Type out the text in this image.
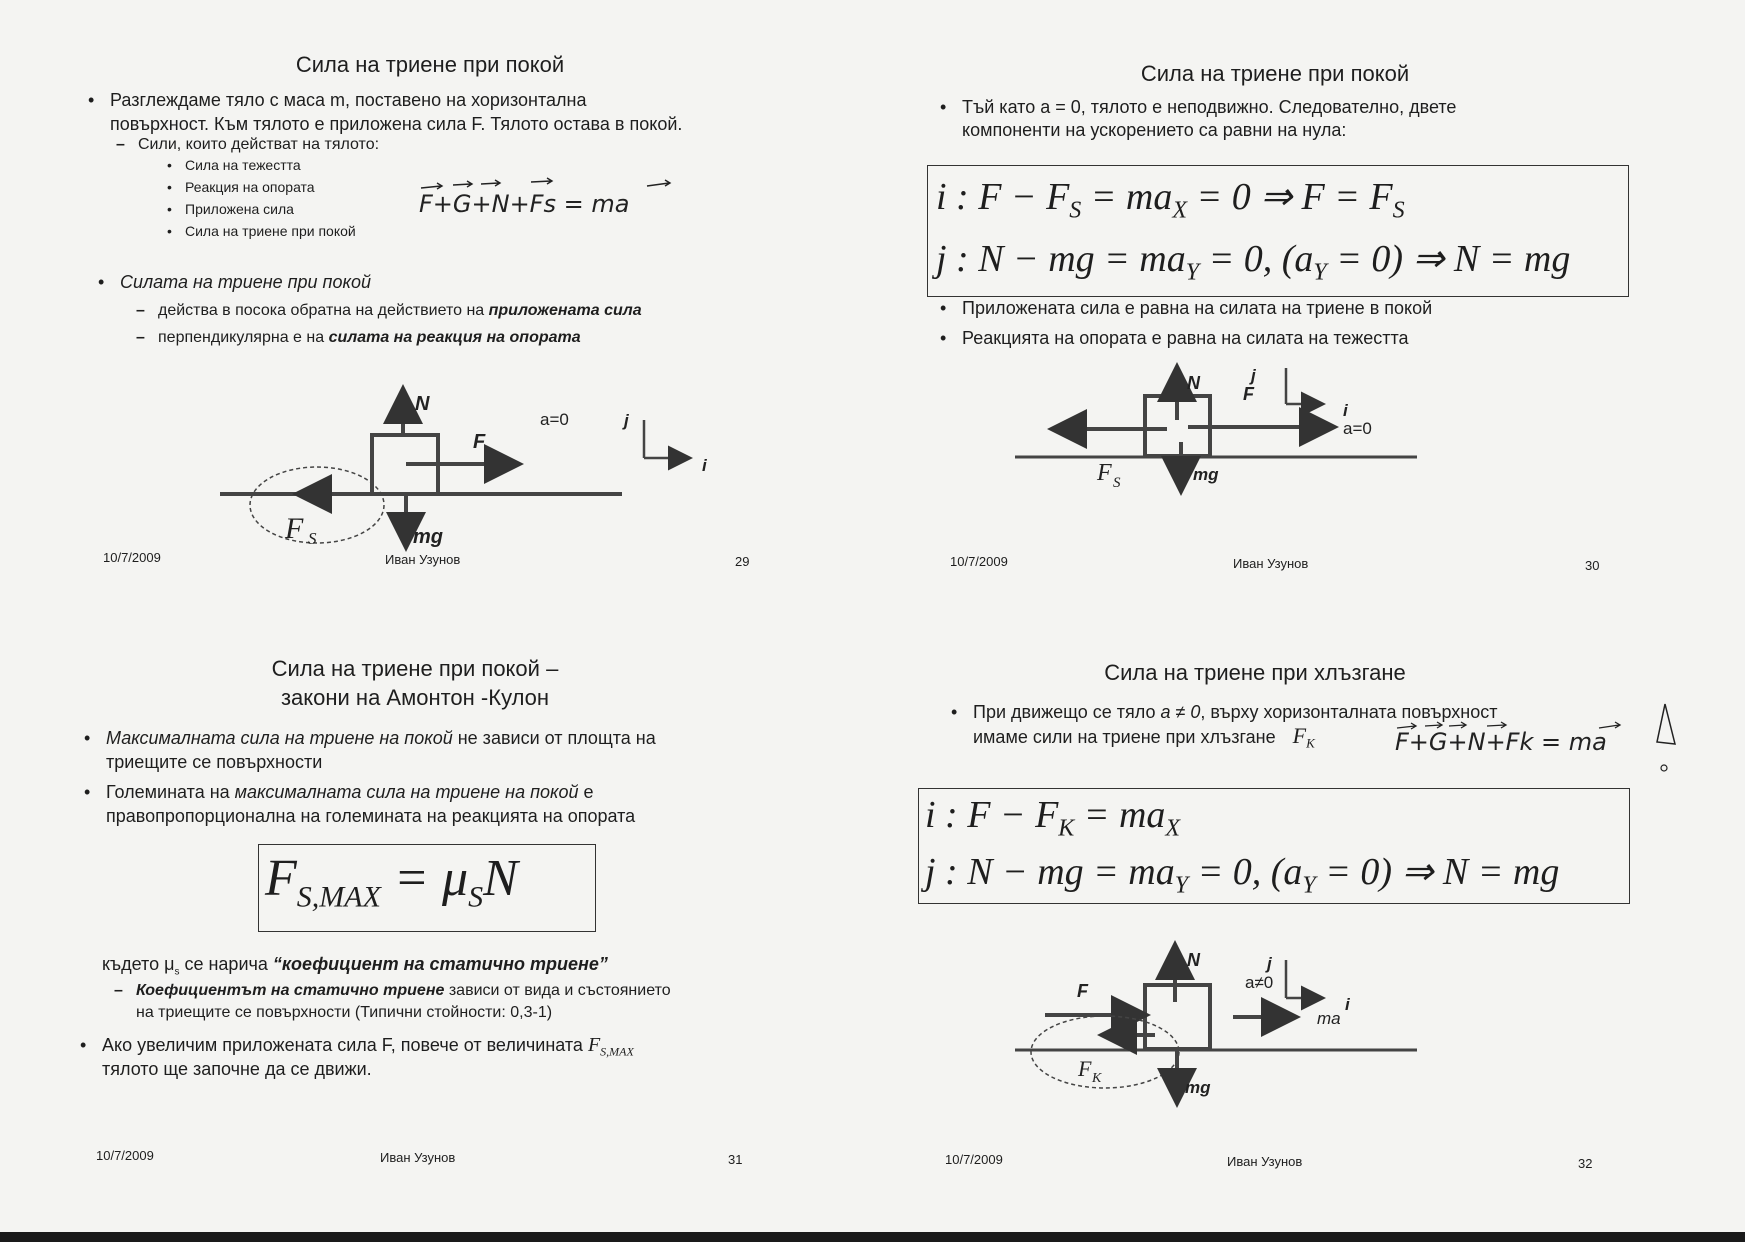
Сила на триене при покой
• Разглеждаме тяло с маса m, поставено на хоризонтална
повърхност. Към тялото е приложена сила F. Тялото остава в покой.
– Сили, които действат на тялото:
• Сила на тежестта
• Реакция на опората
• Приложена сила
• Сила на триене при покой
F+G+N+Fs = ma
• Силата на триене при покой
– действа в посока обратна на действието на приложената сила
– перпендикулярна е на силата на реакция на опората
N
F
mg
F S
a=0	j
i
10/7/2009	Иван Узунов	29
Сила на триене при покой
• Тъй като a = 0, тялото е неподвижно. Следователно, двете
компоненти на ускорението са равни на нула:
i : $F - F_S = ma_X = 0$ ⇒ $F = F_S$
j : N − mg = $ma_Y = 0$, $(a_Y = 0)$ ⇒ N = mg
• Приложената сила е равна на силата на триене в покой
• Реакцията на опората е равна на силата на тежестта
N
F
F S	mg
a=0
j
i
10/7/2009	Иван Узунов	30
Сила на триене при покой –
закони на Амонтон -Кулон
• Максималната сила на триене на покой не зависи от площта на
триещите се повърхности
• Големината на максималната сила на триене на покой е
правопропорционална на големината на реакцията на опората
$F_{S,MAX} = \mu_SN$
където $\mu_s$ се нарича “коефициент на статично триене”
– Коефициентът на статично триене зависи от вида и състоянието
на триещите се повърхности (Типични стойности: 0,3-1)
• Ако увеличим приложената сила F, повече от величината $F_{S,MAX}$
тялото ще започне да се движи.
10/7/2009	Иван Узунов	31
Сила на триене при хлъзгане
• При движещо се тяло a ≠ 0, върху хоризонталната повърхност
имаме сили на триене при хлъзгане $F_K$	F+G+N+Fk = ma
i : $F - F_K = ma_X$
j : N − mg = $ma_Y = 0$, $(a_Y = 0)$ ⇒ N = mg
N
F
F K	mg
a≠0
ma
j
i
10/7/2009	Иван Узунов	32
